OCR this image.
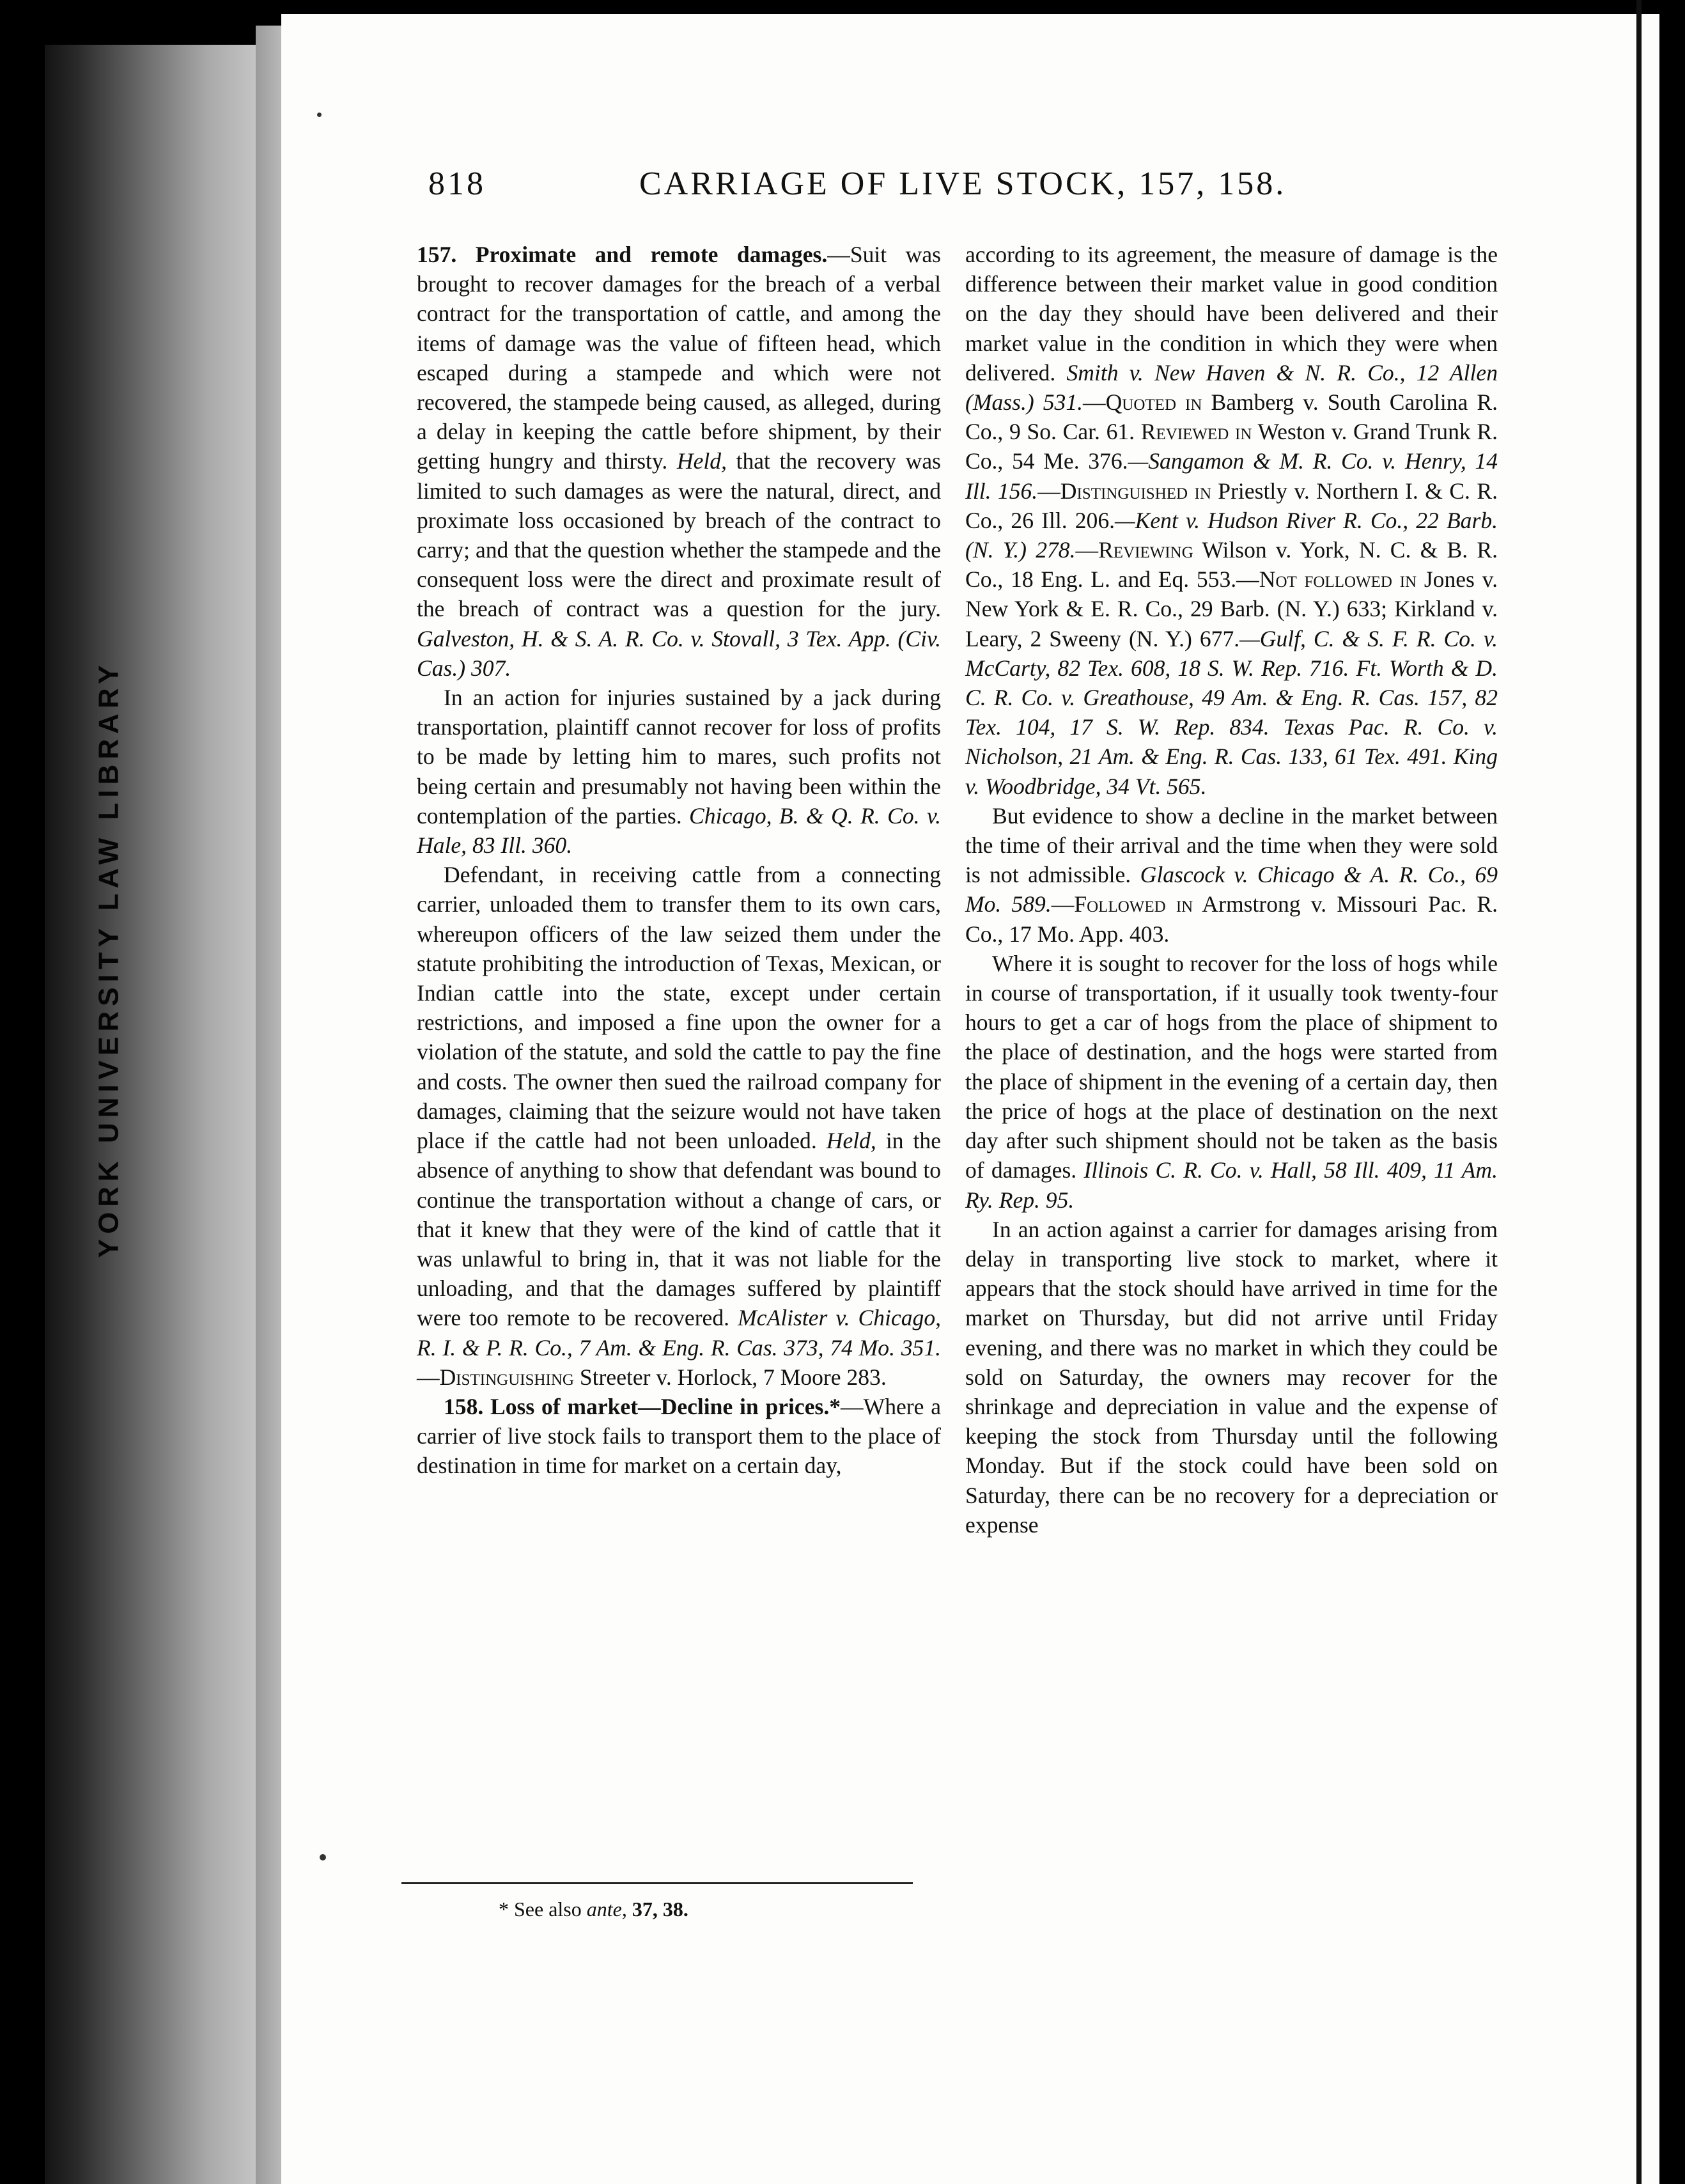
YORK UNIVERSITY LAW LIBRARY
818	CARRIAGE OF LIVE STOCK, 157, 158.

157. Proximate and remote damages.—Suit was brought to recover damages for the breach of a verbal contract for the transportation of cattle, and among the items of damage was the value of fifteen head, which escaped during a stampede and which were not recovered, the stampede being caused, as alleged, during a delay in keeping the cattle before shipment, by their getting hungry and thirsty. Held, that the recovery was limited to such damages as were the natural, direct, and proximate loss occasioned by breach of the contract to carry; and that the question whether the stampede and the consequent loss were the direct and proximate result of the breach of contract was a question for the jury. Galveston, H. & S. A. R. Co. v. Stovall, 3 Tex. App. (Civ. Cas.) 307.

In an action for injuries sustained by a jack during transportation, plaintiff cannot recover for loss of profits to be made by letting him to mares, such profits not being certain and presumably not having been within the contemplation of the parties. Chicago, B. & Q. R. Co. v. Hale, 83 Ill. 360.

Defendant, in receiving cattle from a connecting carrier, unloaded them to transfer them to its own cars, whereupon officers of the law seized them under the statute prohibiting the introduction of Texas, Mexican, or Indian cattle into the state, except under certain restrictions, and imposed a fine upon the owner for a violation of the statute, and sold the cattle to pay the fine and costs. The owner then sued the railroad company for damages, claiming that the seizure would not have taken place if the cattle had not been unloaded. Held, in the absence of anything to show that defendant was bound to continue the transportation without a change of cars, or that it knew that they were of the kind of cattle that it was unlawful to bring in, that it was not liable for the unloading, and that the damages suffered by plaintiff were too remote to be recovered. McAlister v. Chicago, R. I. & P. R. Co., 7 Am. & Eng. R. Cas. 373, 74 Mo. 351.—Distinguishing Streeter v. Horlock, 7 Moore 283.

158. Loss of market—Decline in prices.*—Where a carrier of live stock fails to transport them to the place of destination in time for market on a certain day,

* See also ante, 37, 38.

according to its agreement, the measure of damage is the difference between their market value in good condition on the day they should have been delivered and their market value in the condition in which they were when delivered. Smith v. New Haven & N. R. Co., 12 Allen (Mass.) 531.—Quoted in Bamberg v. South Carolina R. Co., 9 So. Car. 61. Reviewed in Weston v. Grand Trunk R. Co., 54 Me. 376.—Sangamon & M. R. Co. v. Henry, 14 Ill. 156.—Distinguished in Priestly v. Northern I. & C. R. Co., 26 Ill. 206.—Kent v. Hudson River R. Co., 22 Barb. (N. Y.) 278.—Reviewing Wilson v. York, N. C. & B. R. Co., 18 Eng. L. and Eq. 553.—Not followed in Jones v. New York & E. R. Co., 29 Barb. (N. Y.) 633; Kirkland v. Leary, 2 Sweeny (N. Y.) 677.—Gulf, C. & S. F. R. Co. v. McCarty, 82 Tex. 608, 18 S. W. Rep. 716. Ft. Worth & D. C. R. Co. v. Greathouse, 49 Am. & Eng. R. Cas. 157, 82 Tex. 104, 17 S. W. Rep. 834. Texas Pac. R. Co. v. Nicholson, 21 Am. & Eng. R. Cas. 133, 61 Tex. 491. King v. Woodbridge, 34 Vt. 565.

But evidence to show a decline in the market between the time of their arrival and the time when they were sold is not admissible. Glascock v. Chicago & A. R. Co., 69 Mo. 589.—Followed in Armstrong v. Missouri Pac. R. Co., 17 Mo. App. 403.

Where it is sought to recover for the loss of hogs while in course of transportation, if it usually took twenty-four hours to get a car of hogs from the place of shipment to the place of destination, and the hogs were started from the place of shipment in the evening of a certain day, then the price of hogs at the place of destination on the next day after such shipment should not be taken as the basis of damages. Illinois C. R. Co. v. Hall, 58 Ill. 409, 11 Am. Ry. Rep. 95.

In an action against a carrier for damages arising from delay in transporting live stock to market, where it appears that the stock should have arrived in time for the market on Thursday, but did not arrive until Friday evening, and there was no market in which they could be sold on Saturday, the owners may recover for the shrinkage and depreciation in value and the expense of keeping the stock from Thursday until the following Monday. But if the stock could have been sold on Saturday, there can be no recovery for a depreciation or expense
